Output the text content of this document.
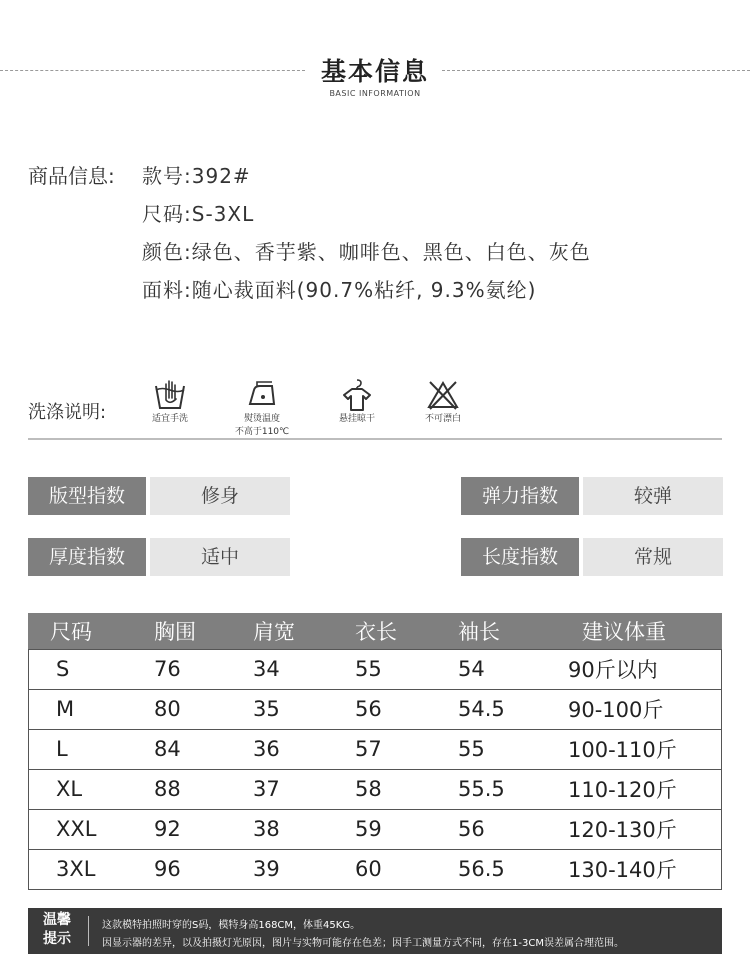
基本信息
BASIC INFORMATION
商品信息: 款号:392#
尺码:S-3XL
颜色:绿色、香芋紫、咖啡色、黑色、白色、灰色
面料:随心裁面料(90.7%粘纤, 9.3%氨纶)
洗涤说明:	适宜手洗	熨烫温度
不高于110℃
悬挂晾干	不可漂白
版型指数	修身	弹力指数	较弹
厚度指数	适中	长度指数	常规
尺码	胸围	肩宽	衣长	袖长	建议体重
S	76	34	55	54	90斤以内
M	80	35	56	54.5	90-100斤
L	84	36	57	55	100-110斤
XL	88	37	58	55.5	110-120斤
XXL	92	38	59	56	120-130斤
3XL	96	39	60	56.5	130-140斤
温馨
提示
这款模特拍照时穿的S码，模特身高168CM，体重45KG。
因显示器的差异，以及拍摄灯光原因，图片与实物可能存在色差；因手工测量方式不同，存在1-3CM误差属合理范围。
